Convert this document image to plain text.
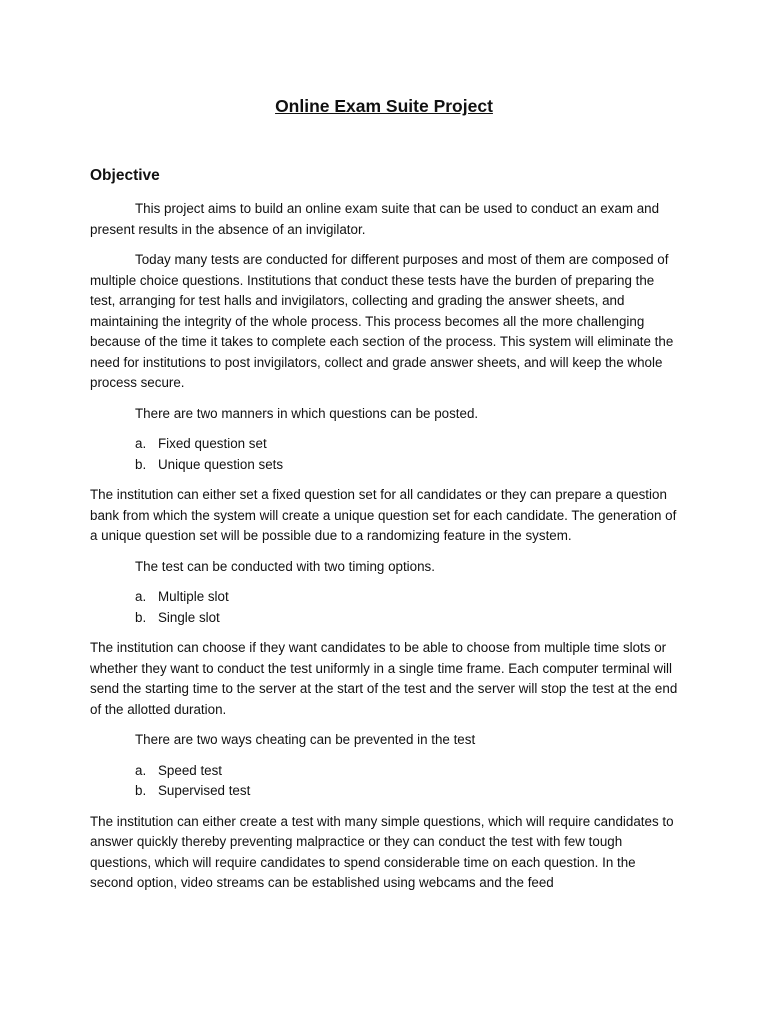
Online Exam Suite Project
Objective

This project aims to build an online exam suite that can be used to conduct an exam and present results in the absence of an invigilator.

Today many tests are conducted for different purposes and most of them are composed of multiple choice questions. Institutions that conduct these tests have the burden of preparing the test, arranging for test halls and invigilators, collecting and grading the answer sheets, and maintaining the integrity of the whole process. This process becomes all the more challenging because of the time it takes to complete each section of the process. This system will eliminate the need for institutions to post invigilators, collect and grade answer sheets, and will keep the whole process secure.

There are two manners in which questions can be posted.

a. Fixed question set
b. Unique question sets

The institution can either set a fixed question set for all candidates or they can prepare a question bank from which the system will create a unique question set for each candidate. The generation of a unique question set will be possible due to a randomizing feature in the system.

The test can be conducted with two timing options.

a. Multiple slot
b. Single slot

The institution can choose if they want candidates to be able to choose from multiple time slots or whether they want to conduct the test uniformly in a single time frame. Each computer terminal will send the starting time to the server at the start of the test and the server will stop the test at the end of the allotted duration.

There are two ways cheating can be prevented in the test

a. Speed test
b. Supervised test

The institution can either create a test with many simple questions, which will require candidates to answer quickly thereby preventing malpractice or they can conduct the test with few tough questions, which will require candidates to spend considerable time on each question. In the second option, video streams can be established using webcams and the feed
